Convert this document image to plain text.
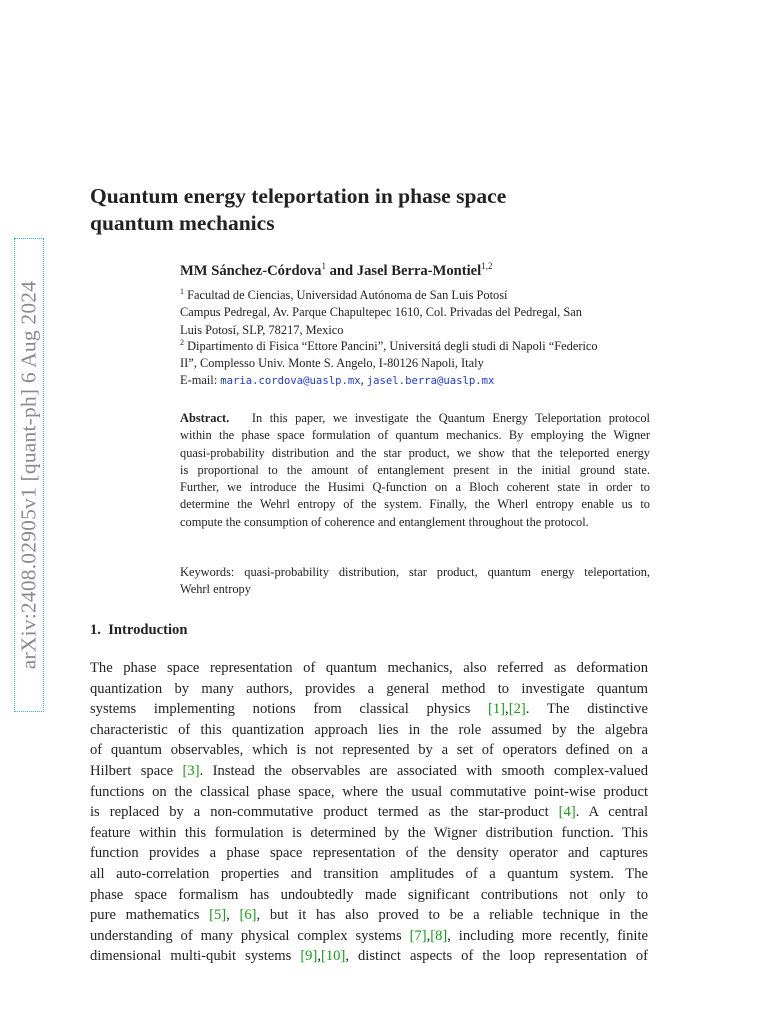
arXiv:2408.02905v1 [quant-ph] 6 Aug 2024
Quantum energy teleportation in phase space
quantum mechanics
MM Sánchez-Córdova$^1$ and Jasel Berra-Montiel$^{1,2}$
$^1$ Facultad de Ciencias, Universidad Autónoma de San Luis Potosí
Campus Pedregal, Av. Parque Chapultepec 1610, Col. Privadas del Pedregal, San
Luis Potosí, SLP, 78217, Mexico
$^2$ Dipartimento di Fisica “Ettore Pancini”, Universitá degli studi di Napoli “Federico
II”, Complesso Univ. Monte S. Angelo, I-80126 Napoli, Italy
E-mail: maria.cordova@uaslp.mx, jasel.berra@uaslp.mx
Abstract. In this paper, we investigate the Quantum Energy Teleportation protocol
within the phase space formulation of quantum mechanics. By employing the Wigner
quasi-probability distribution and the star product, we show that the teleported energy
is proportional to the amount of entanglement present in the initial ground state.
Further, we introduce the Husimi Q-function on a Bloch coherent state in order to
determine the Wehrl entropy of the system. Finally, the Wherl entropy enable us to
compute the consumption of coherence and entanglement throughout the protocol.
Keywords: quasi-probability distribution, star product, quantum energy teleportation,
Wehrl entropy
1. Introduction
The phase space representation of quantum mechanics, also referred as deformation
quantization by many authors, provides a general method to investigate quantum
systems implementing notions from classical physics [1],[2]. The distinctive
characteristic of this quantization approach lies in the role assumed by the algebra
of quantum observables, which is not represented by a set of operators defined on a
Hilbert space [3]. Instead the observables are associated with smooth complex-valued
functions on the classical phase space, where the usual commutative point-wise product
is replaced by a non-commutative product termed as the star-product [4]. A central
feature within this formulation is determined by the Wigner distribution function. This
function provides a phase space representation of the density operator and captures
all auto-correlation properties and transition amplitudes of a quantum system. The
phase space formalism has undoubtedly made significant contributions not only to
pure mathematics [5], [6], but it has also proved to be a reliable technique in the
understanding of many physical complex systems [7],[8], including more recently, finite
dimensional multi-qubit systems [9],[10], distinct aspects of the loop representation of
